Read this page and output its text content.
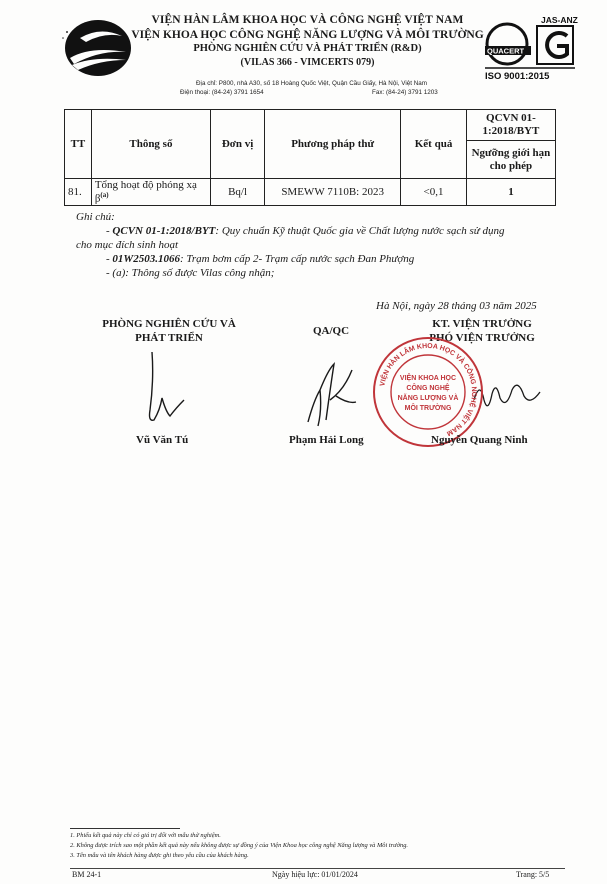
VIỆN HÀN LÂM KHOA HỌC VÀ CÔNG NGHỆ VIỆT NAM
VIỆN KHOA HỌC CÔNG NGHỆ NĂNG LƯỢNG VÀ MÔI TRƯỜNG
PHÒNG NGHIÊN CỨU VÀ PHÁT TRIỂN (R&D)
(VILAS 366 - VIMCERTS 079)
Địa chỉ: P800, nhà A30, số 18 Hoàng Quốc Việt, Quận Cầu Giấy, Hà Nội, Việt Nam
Điện thoại: (84-24) 3791 1654	Fax: (84-24) 3791 1203
JAS-ANZ
QUACERT
ISO 9001:2015
TT	Thông số	Đơn vị	Phương pháp thử	Kết quả	QCVN 01-1:2018/BYT
					Ngưỡng giới hạn cho phép
81.	Tổng hoạt độ phóng xạ $\beta^{(a)}$	Bq/l	SMEWW 7110B: 2023	<0,1	1
Ghi chú:
- QCVN 01-1:2018/BYT: Quy chuẩn Kỹ thuật Quốc gia về Chất lượng nước sạch sử dụng
cho mục đích sinh hoạt
- 01W2503.1066: Trạm bơm cấp 2- Trạm cấp nước sạch Đan Phượng
- (a): Thông số được Vilas công nhận;
Hà Nội, ngày 28 tháng 03 năm 2025
PHÒNG NGHIÊN CỨU VÀ
PHÁT TRIỂN
QA/QC
KT. VIỆN TRƯỞNG
PHÓ VIỆN TRƯỞNG
VIỆN HÀN LÂM KHOA HỌC VÀ CÔNG NGHỆ VIỆT NAM
VIỆN KHOA HỌC
CÔNG NGHỆ
NĂNG LƯỢNG VÀ
MÔI TRƯỜNG
Vũ Văn Tú	Phạm Hải Long	Nguyễn Quang Ninh
1. Phiếu kết quả này chỉ có giá trị đối với mẫu thử nghiệm.
2. Không được trích sao một phần kết quả này nếu không được sự đồng ý của Viện Khoa học công nghệ Năng lượng và Môi trường.
3. Tên mẫu và tên khách hàng được ghi theo yêu cầu của khách hàng.
BM 24-1	Ngày hiệu lực: 01/01/2024	Trang: 5/5
